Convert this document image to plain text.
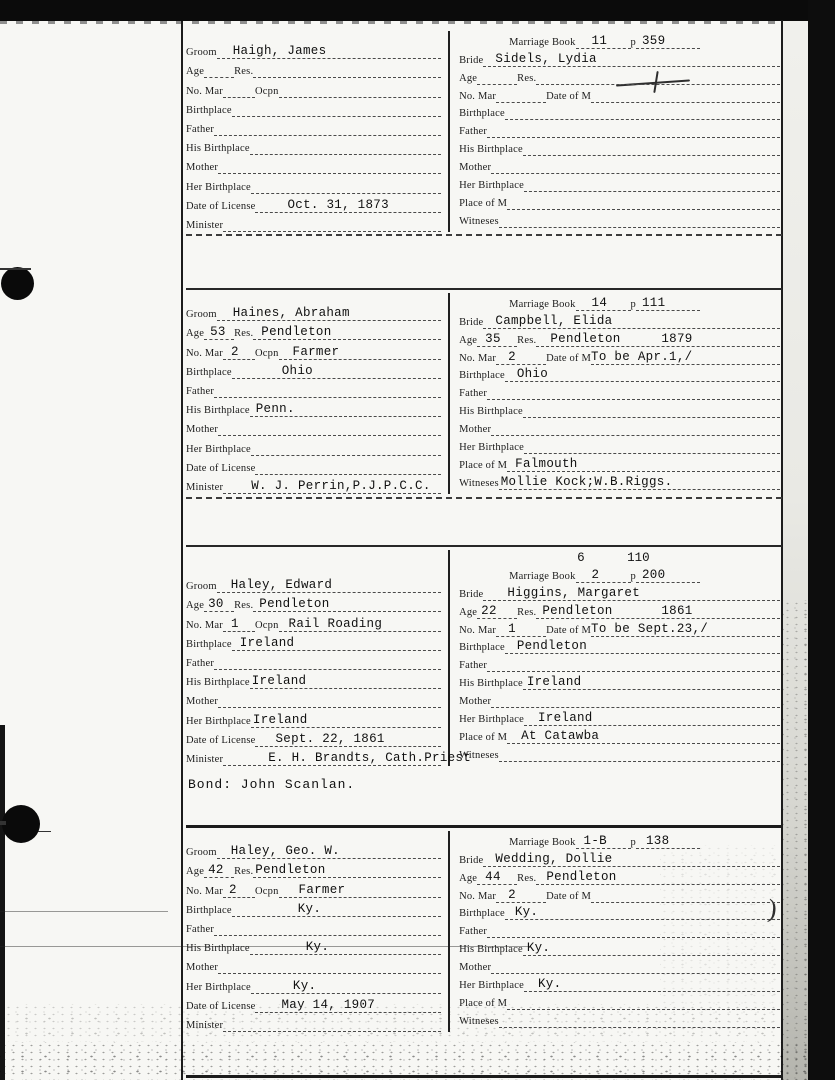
)
Groom Haigh, James
Age	Res.
No. Mar	Ocpn
Birthplace
Father
His Birthplace
Mother
Her Birthplace
Date of License	Oct. 31, 1873
Minister
Marriage Book 11 p 359
Bride Sidels, Lydia
Age	Res.
No. Mar	Date of M
Birthplace
Father
His Birthplace
Mother
Her Birthplace
Place of M
Witneses
Groom Haines, Abraham
Age 53 Res. Pendleton
No. Mar 2 Ocpn Farmer
Birthplace	Ohio
Father
His Birthplace Penn.
Mother
Her Birthplace
Date of License
Minister W. J. Perrin,P.J.P.C.C.
Marriage Book 14 p 111
Bride Campbell, Elida
Age 35 Res. Pendleton	1879
No. Mar 2	Date of M To be Apr.1,/
Birthplace Ohio
Father
His Birthplace
Mother
Her Birthplace
Place of M Falmouth
Witneses Mollie Kock;W.B.Riggs.
Groom Haley, Edward
Age 30 Res. Pendleton
No. Mar 1 Ocpn Rail Roading
Birthplace Ireland
Father
His Birthplace Ireland
Mother
Her Birthplace Ireland
Date of License Sept. 22, 1861
Minister	E. H. Brandts, Cath.Priest
6	110
Marriage Book 2	p 200
Bride Higgins, Margaret
Age 22 Res. Pendleton	1861
No. Mar 1	Date of M To be Sept.23,/
Birthplace Pendleton
Father
His Birthplace Ireland
Mother
Her Birthplace Ireland
Place of M At Catawba
Witneses
Bond: John Scanlan.
Groom Haley, Geo. W.
Age 42 Res. Pendleton
No. Mar 2 Ocpn Farmer
Birthplace	Ky.
Father
His Birthplace	Ky.
Mother
Her Birthplace	Ky.
Date of License May 14, 1907
Minister
Marriage Book 1-B p 138
Bride Wedding, Dollie
Age 44 Res. Pendleton
No. Mar 2	Date of M
Birthplace Ky.
Father
His Birthplace Ky.
Mother
Her Birthplace Ky.
Place of M
Witneses
